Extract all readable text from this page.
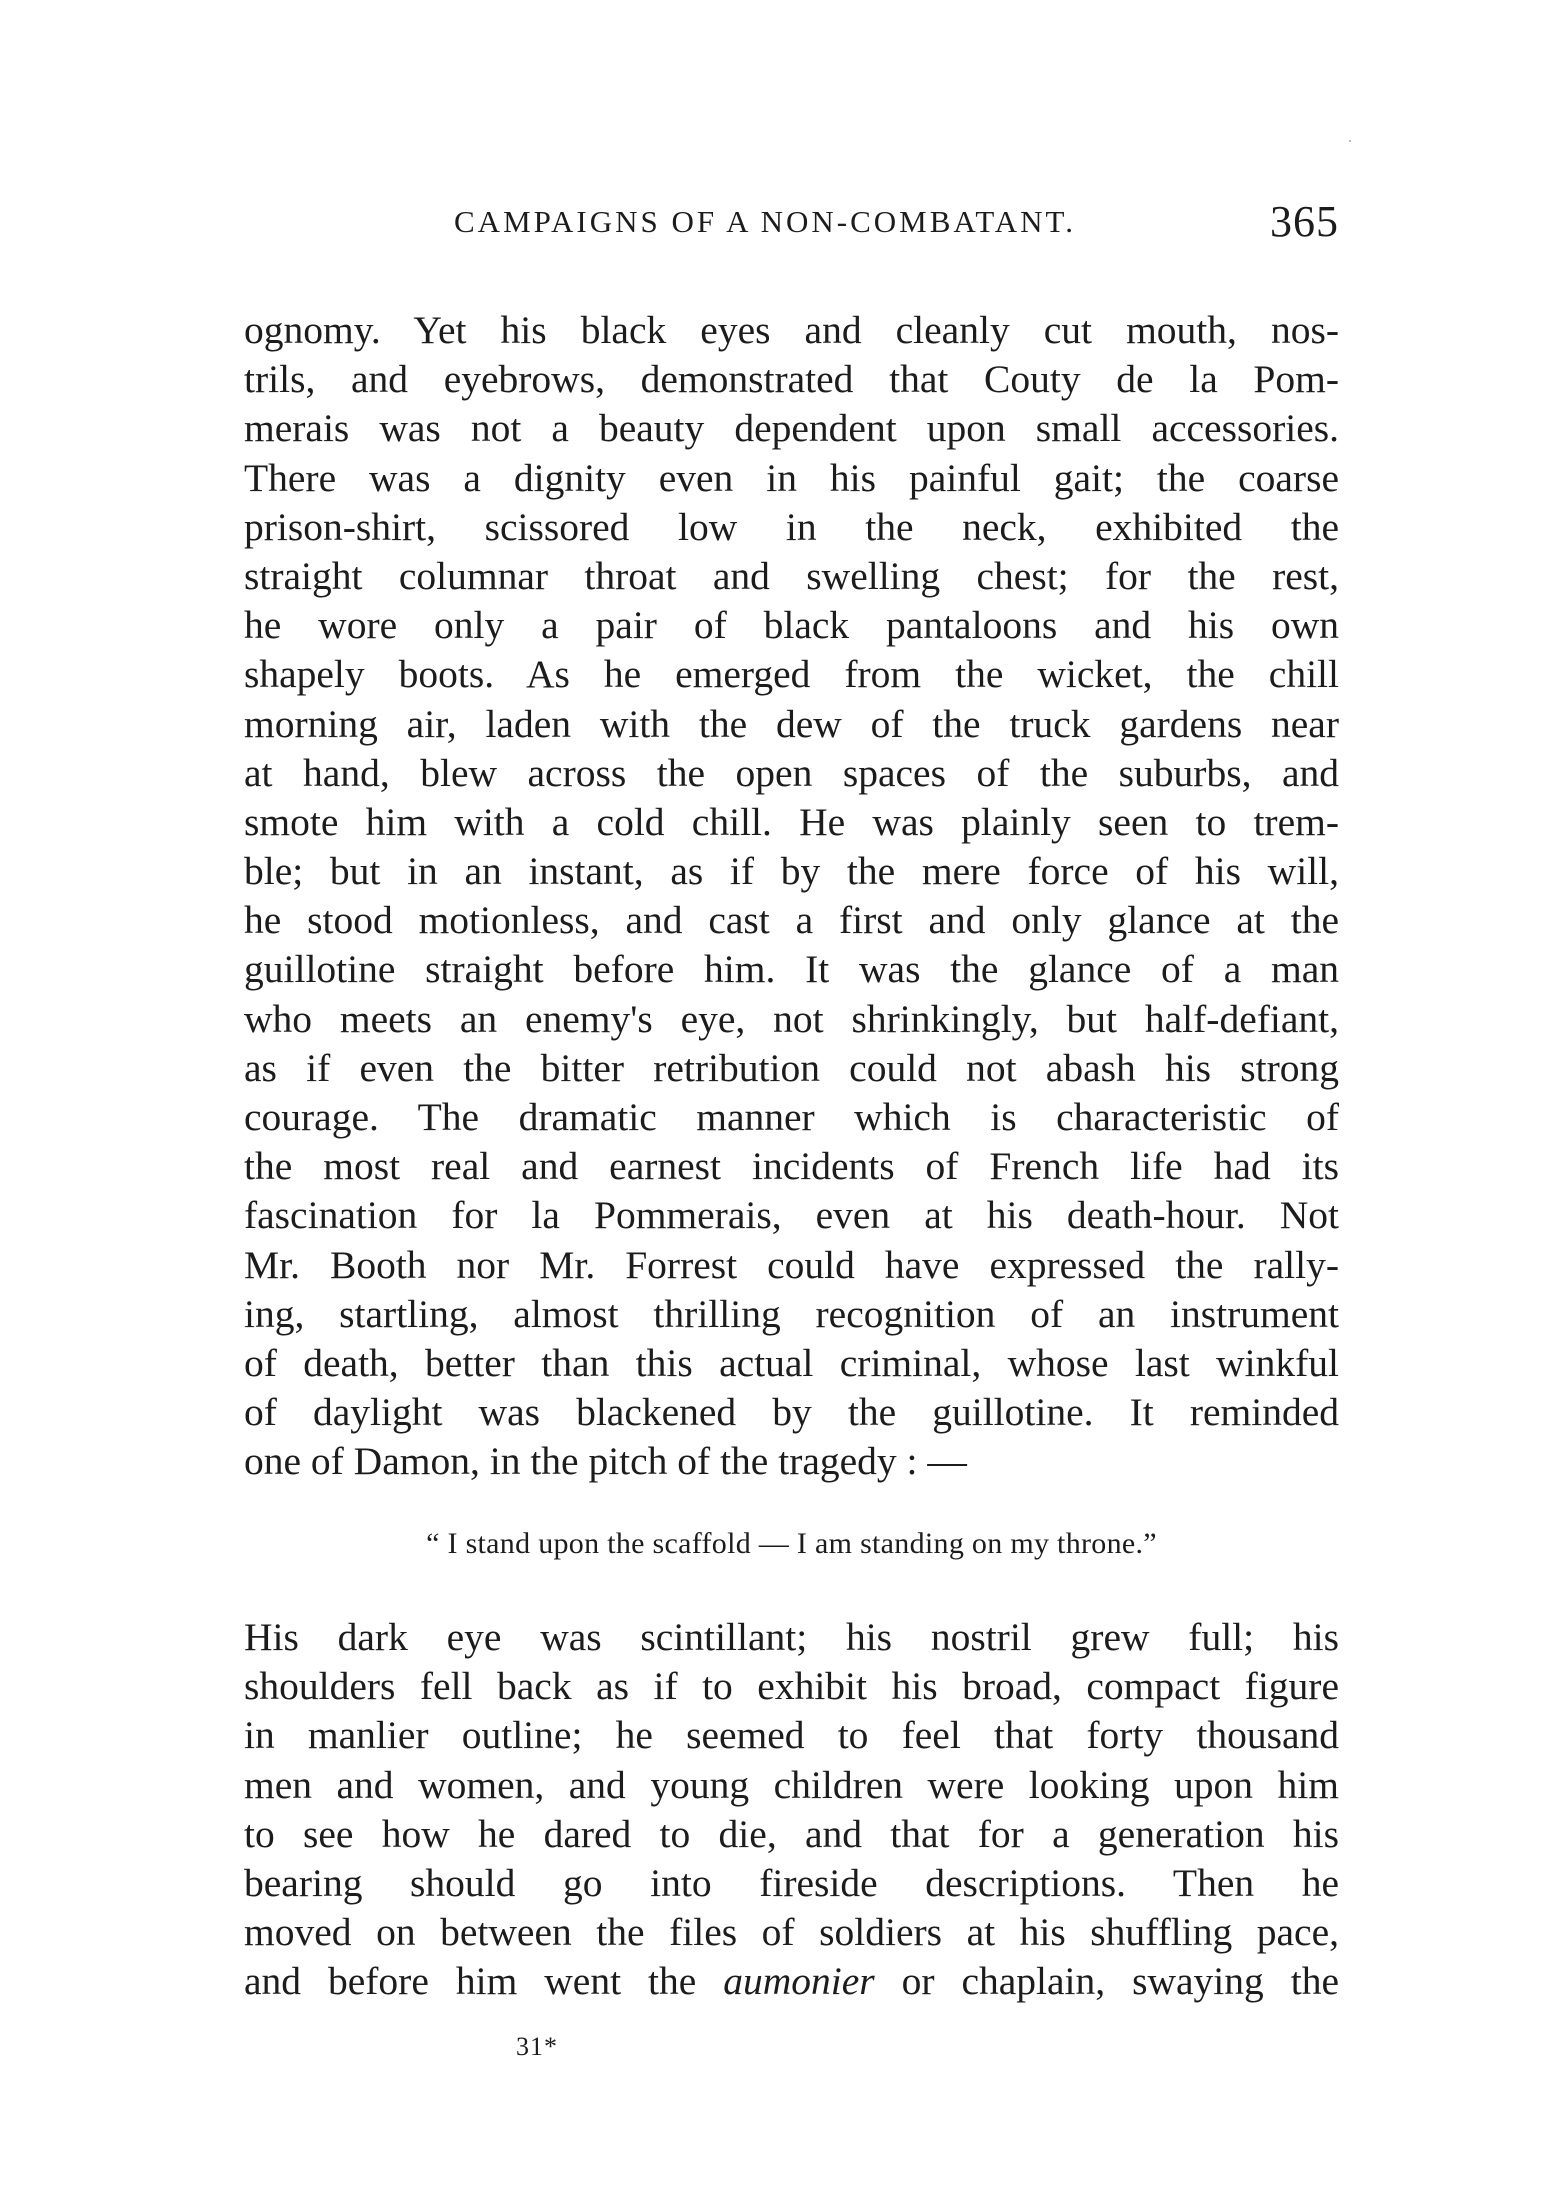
CAMPAIGNS OF A NON-COMBATANT.	365
ognomy. Yet his black eyes and cleanly cut mouth, nos-
trils, and eyebrows, demonstrated that Couty de la Pom-
merais was not a beauty dependent upon small accessories.
There was a dignity even in his painful gait; the coarse
prison-shirt, scissored low in the neck, exhibited the
straight columnar throat and swelling chest; for the rest,
he wore only a pair of black pantaloons and his own
shapely boots. As he emerged from the wicket, the chill
morning air, laden with the dew of the truck gardens near
at hand, blew across the open spaces of the suburbs, and
smote him with a cold chill. He was plainly seen to trem-
ble; but in an instant, as if by the mere force of his will,
he stood motionless, and cast a first and only glance at the
guillotine straight before him. It was the glance of a man
who meets an enemy's eye, not shrinkingly, but half-defiant,
as if even the bitter retribution could not abash his strong
courage. The dramatic manner which is characteristic of
the most real and earnest incidents of French life had its
fascination for la Pommerais, even at his death-hour. Not
Mr. Booth nor Mr. Forrest could have expressed the rally-
ing, startling, almost thrilling recognition of an instrument
of death, better than this actual criminal, whose last winkful
of daylight was blackened by the guillotine. It reminded
one of Damon, in the pitch of the tragedy : —
“ I stand upon the scaffold — I am standing on my throne.”
His dark eye was scintillant; his nostril grew full; his
shoulders fell back as if to exhibit his broad, compact figure
in manlier outline; he seemed to feel that forty thousand
men and women, and young children were looking upon him
to see how he dared to die, and that for a generation his
bearing should go into fireside descriptions. Then he
moved on between the files of soldiers at his shuffling pace,
and before him went the aumonier or chaplain, swaying the
31*
